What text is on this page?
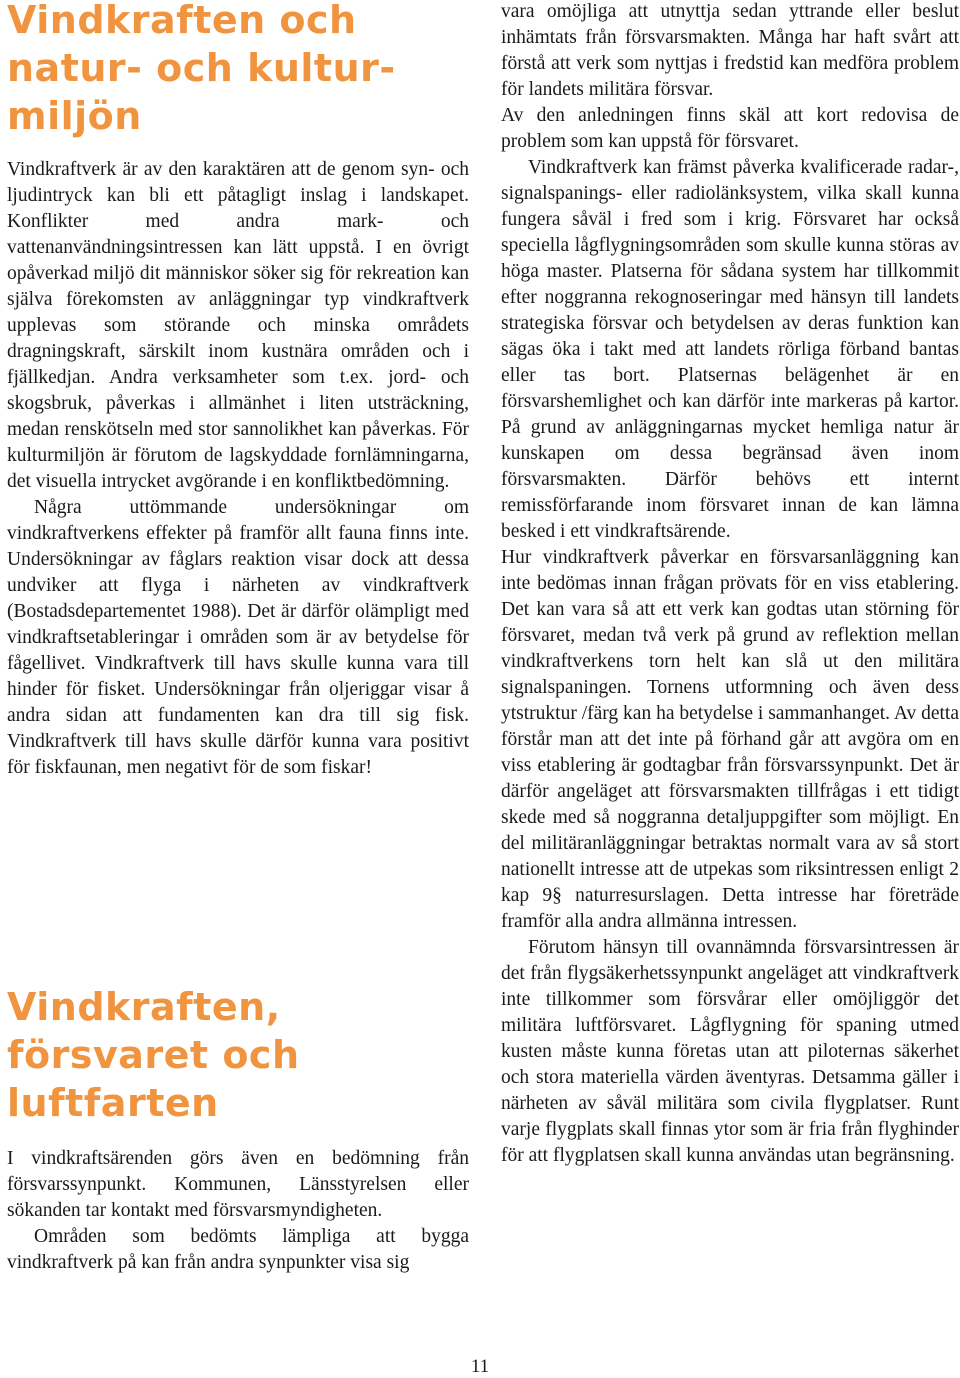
Vindkraften och
natur- och kultur-
miljön

Vindkraftverk är av den karaktären att de genom syn- och ljudintryck kan bli ett påtagligt inslag i landskapet. Konflikter med andra mark- och vattenanvändningsintressen kan lätt uppstå. I en övrigt opåverkad miljö dit människor söker sig för rekreation kan själva förekomsten av anläggningar typ vindkraftverk upplevas som störande och minska områdets dragningskraft, särskilt inom kustnära områden och i fjällkedjan. Andra verksamheter som t.ex. jord- och skogsbruk, påverkas i allmänhet i liten utsträckning, medan renskötseln med stor sannolikhet kan påverkas. För kulturmiljön är förutom de lagskyddade fornlämningarna, det visuella intrycket avgörande i en konfliktbedömning.

Några uttömmande undersökningar om vindkraftverkens effekter på framför allt fauna finns inte. Undersökningar av fåglars reaktion visar dock att dessa undviker att flyga i närheten av vindkraftverk (Bostadsdepartementet 1988). Det är därför olämpligt med vindkraftsetableringar i områden som är av betydelse för fågellivet. Vindkraftverk till havs skulle kunna vara till hinder för fisket. Undersökningar från oljeriggar visar å andra sidan att fundamenten kan dra till sig fisk. Vindkraftverk till havs skulle därför kunna vara positivt för fiskfaunan, men negativt för de som fiskar!

Vindkraften,
försvaret och
luftfarten

I vindkraftsärenden görs även en bedömning från försvarssynpunkt. Kommunen, Länsstyrelsen eller sökanden tar kontakt med försvarsmyndigheten.

Områden som bedömts lämpliga att bygga vindkraftverk på kan från andra synpunkter visa sig

vara omöjliga att utnyttja sedan yttrande eller beslut inhämtats från försvarsmakten. Många har haft svårt att förstå att verk som nyttjas i fredstid kan medföra problem för landets militära försvar.

Av den anledningen finns skäl att kort redovisa de problem som kan uppstå för försvaret.

Vindkraftverk kan främst påverka kvalificerade radar-, signalspanings- eller radiolänksystem, vilka skall kunna fungera såväl i fred som i krig. Försvaret har också speciella lågflygningsområden som skulle kunna störas av höga master. Platserna för sådana system har tillkommit efter noggranna rekognoseringar med hänsyn till landets strategiska försvar och betydelsen av deras funktion kan sägas öka i takt med att landets rörliga förband bantas eller tas bort. Platsernas belägenhet är en försvarshemlighet och kan därför inte markeras på kartor. På grund av anläggningarnas mycket hemliga natur är kunskapen om dessa begränsad även inom försvarsmakten. Därför behövs ett internt remissförfarande inom försvaret innan de kan lämna besked i ett vindkraftsärende.

Hur vindkraftverk påverkar en försvarsanläggning kan inte bedömas innan frågan prövats för en viss etablering. Det kan vara så att ett verk kan godtas utan störning för försvaret, medan två verk på grund av reflektion mellan vindkraftverkens torn helt kan slå ut den militära signalspaningen. Tornens utformning och även dess ytstruktur /färg kan ha betydelse i sammanhanget. Av detta förstår man att det inte på förhand går att avgöra om en viss etablering är godtagbar från försvarssynpunkt. Det är därför angeläget att försvarsmakten tillfrågas i ett tidigt skede med så noggranna detaljuppgifter som möjligt. En del militäranläggningar betraktas normalt vara av så stort nationellt intresse att de utpekas som riksintressen enligt 2 kap 9§ naturresurslagen. Detta intresse har företräde framför alla andra allmänna intressen.

Förutom hänsyn till ovannämnda försvarsintressen är det från flygsäkerhetssynpunkt angeläget att vindkraftverk inte tillkommer som försvårar eller omöjliggör det militära luftförsvaret. Lågflygning för spaning utmed kusten måste kunna företas utan att piloternas säkerhet och stora materiella värden äventyras. Detsamma gäller i närheten av såväl militära som civila flygplatser. Runt varje flygplats skall finnas ytor som är fria från flyghinder för att flygplatsen skall kunna användas utan begränsning.

11
